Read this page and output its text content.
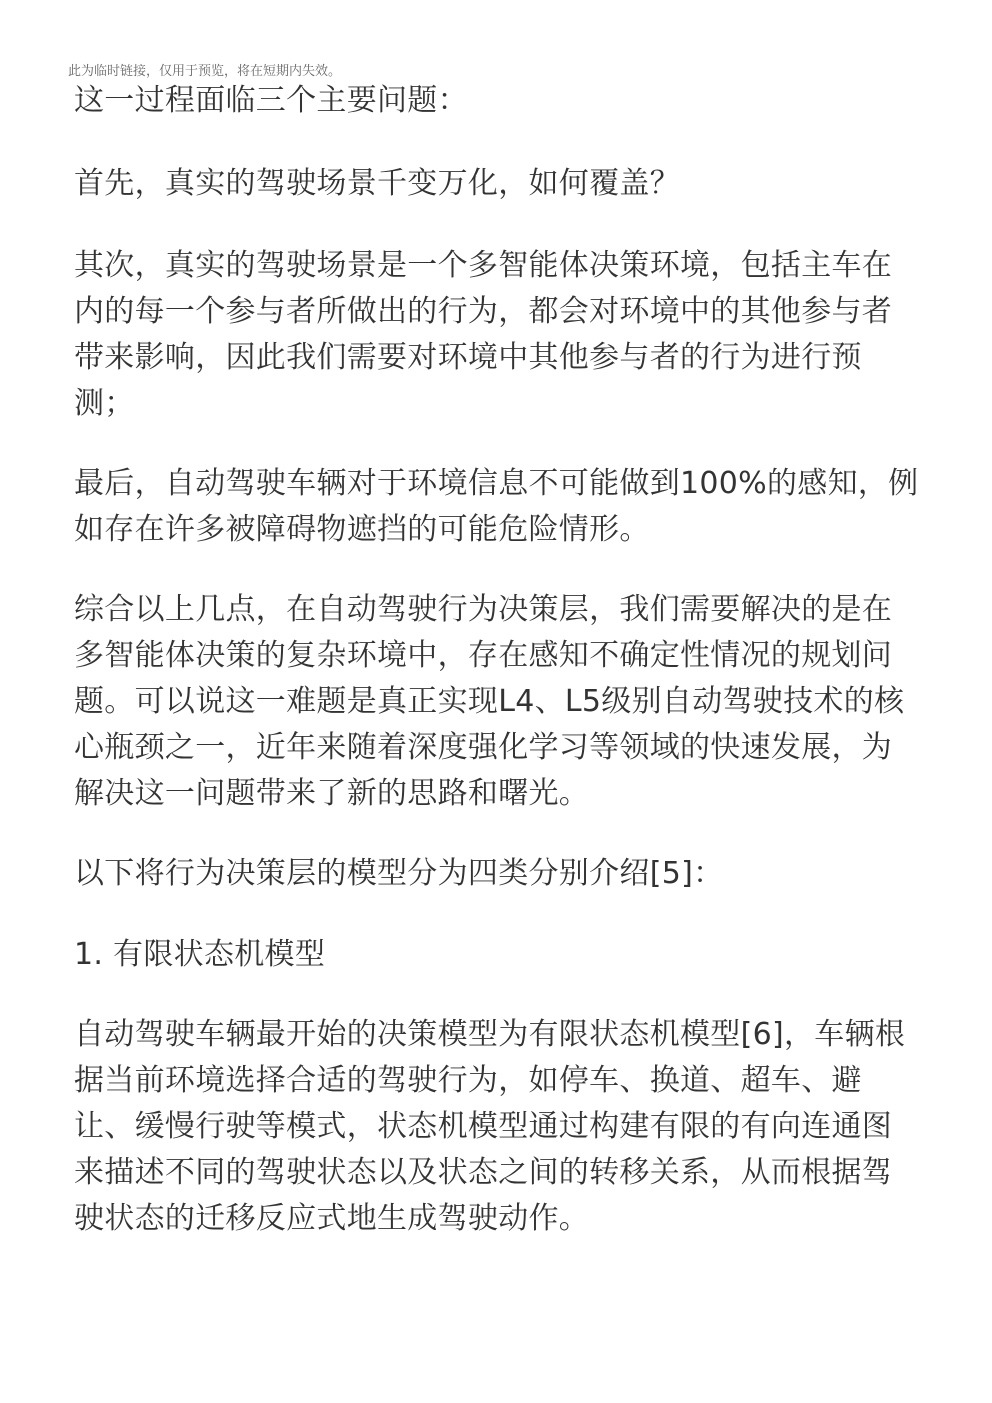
此为临时链接，仅用于预览，将在短期内失效。
这一过程面临三个主要问题：

首先，真实的驾驶场景千变万化，如何覆盖？

其次，真实的驾驶场景是一个多智能体决策环境，包括主车在内的每一个参与者所做出的行为，都会对环境中的其他参与者带来影响，因此我们需要对环境中其他参与者的行为进行预测；

最后，自动驾驶车辆对于环境信息不可能做到100%的感知，例如存在许多被障碍物遮挡的可能危险情形。

综合以上几点，在自动驾驶行为决策层，我们需要解决的是在多智能体决策的复杂环境中，存在感知不确定性情况的规划问题。可以说这一难题是真正实现L4、L5级别自动驾驶技术的核心瓶颈之一，近年来随着深度强化学习等领域的快速发展，为解决这一问题带来了新的思路和曙光。

以下将行为决策层的模型分为四类分别介绍[5]：

1. 有限状态机模型

自动驾驶车辆最开始的决策模型为有限状态机模型[6]，车辆根据当前环境选择合适的驾驶行为，如停车、换道、超车、避让、缓慢行驶等模式，状态机模型通过构建有限的有向连通图来描述不同的驾驶状态以及状态之间的转移关系，从而根据驾驶状态的迁移反应式地生成驾驶动作。
